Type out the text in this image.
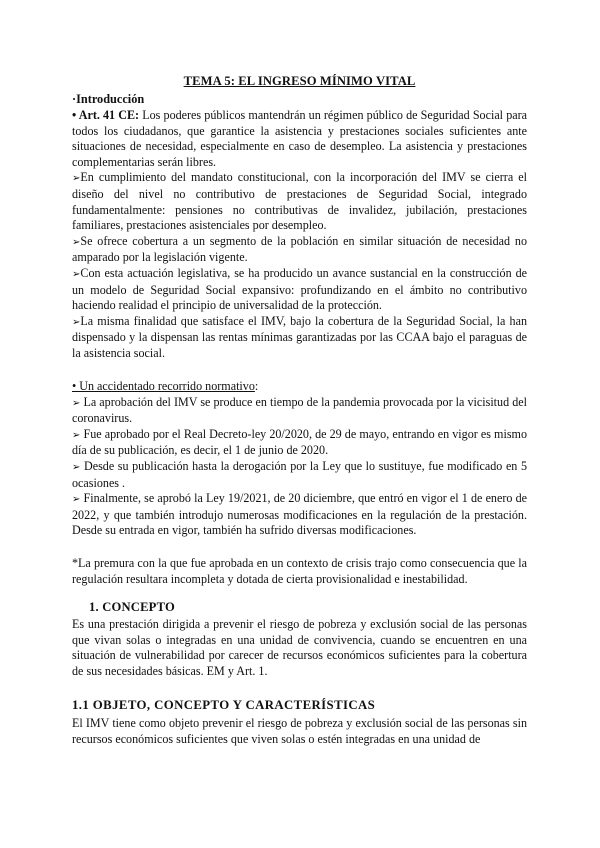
TEMA 5: EL INGRESO MÍNIMO VITAL
·Introducción

• Art. 41 CE: Los poderes públicos mantendrán un régimen público de Seguridad Social para todos los ciudadanos, que garantice la asistencia y prestaciones sociales suficientes ante situaciones de necesidad, especialmente en caso de desempleo. La asistencia y prestaciones complementarias serán libres.

➢En cumplimiento del mandato constitucional, con la incorporación del IMV se cierra el diseño del nivel no contributivo de prestaciones de Seguridad Social, integrado fundamentalmente: pensiones no contributivas de invalidez, jubilación, prestaciones familiares, prestaciones asistenciales por desempleo.

➢Se ofrece cobertura a un segmento de la población en similar situación de necesidad no amparado por la legislación vigente.

➢Con esta actuación legislativa, se ha producido un avance sustancial en la construcción de un modelo de Seguridad Social expansivo: profundizando en el ámbito no contributivo haciendo realidad el principio de universalidad de la protección.

➢La misma finalidad que satisface el IMV, bajo la cobertura de la Seguridad Social, la han dispensado y la dispensan las rentas mínimas garantizadas por las CCAA bajo el paraguas de la asistencia social.

• Un accidentado recorrido normativo:

➢ La aprobación del IMV se produce en tiempo de la pandemia provocada por la vicisitud del coronavirus.

➢ Fue aprobado por el Real Decreto-ley 20/2020, de 29 de mayo, entrando en vigor es mismo día de su publicación, es decir, el 1 de junio de 2020.

➢ Desde su publicación hasta la derogación por la Ley que lo sustituye, fue modificado en 5 ocasiones .

➢ Finalmente, se aprobó la Ley 19/2021, de 20 diciembre, que entró en vigor el 1 de enero de 2022, y que también introdujo numerosas modificaciones en la regulación de la prestación. Desde su entrada en vigor, también ha sufrido diversas modificaciones.

*La premura con la que fue aprobada en un contexto de crisis trajo como consecuencia que la regulación resultara incompleta y dotada de cierta provisionalidad e inestabilidad.
1. CONCEPTO
Es una prestación dirigida a prevenir el riesgo de pobreza y exclusión social de las personas que vivan solas o integradas en una unidad de convivencia, cuando se encuentren en una situación de vulnerabilidad por carecer de recursos económicos suficientes para la cobertura de sus necesidades básicas. EM y Art. 1.
1.1 OBJETO, CONCEPTO Y CARACTERÍSTICAS
El IMV tiene como objeto prevenir el riesgo de pobreza y exclusión social de las personas sin recursos económicos suficientes que viven solas o estén integradas en una unidad de
